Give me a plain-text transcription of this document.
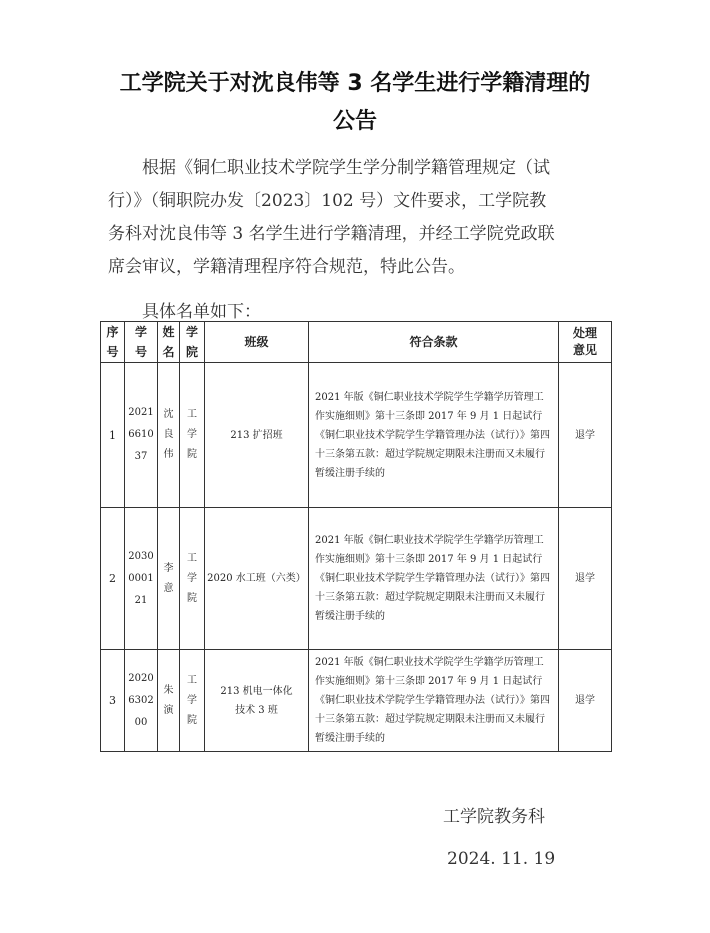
工学院关于对沈良伟等 3 名学生进行学籍清理的
公告
根据《铜仁职业技术学院学生学分制学籍管理规定（试
行）》（铜职院办发〔2023〕102 号）文件要求，工学院教
务科对沈良伟等 3 名学生进行学籍清理，并经工学院党政联
席会审议，学籍清理程序符合规范，特此公告。
具体名单如下：
序号	学号	姓名	学院	班级	符合条款	处理意见
1	2021661037	沈良伟	工学院	213 扩招班	2021 年版《铜仁职业技术学院学生学籍学历管理工作实施细则》第十三条即 2017 年 9 月 1 日起试行《铜仁职业技术学院学生学籍管理办法（试行）》第四十三条第五款：超过学院规定期限未注册而又未履行暂缓注册手续的	退学
2	2030000121	李意	工学院	2020 水工班（六类）	2021 年版《铜仁职业技术学院学生学籍学历管理工作实施细则》第十三条即 2017 年 9 月 1 日起试行《铜仁职业技术学院学生学籍管理办法（试行）》第四十三条第五款：超过学院规定期限未注册而又未履行暂缓注册手续的	退学
3	2020630200	朱演	工学院	213 机电一体化技术 3 班	2021 年版《铜仁职业技术学院学生学籍学历管理工作实施细则》第十三条即 2017 年 9 月 1 日起试行《铜仁职业技术学院学生学籍管理办法（试行）》第四十三条第五款：超过学院规定期限未注册而又未履行暂缓注册手续的	退学
工学院教务科
2024. 11. 19
